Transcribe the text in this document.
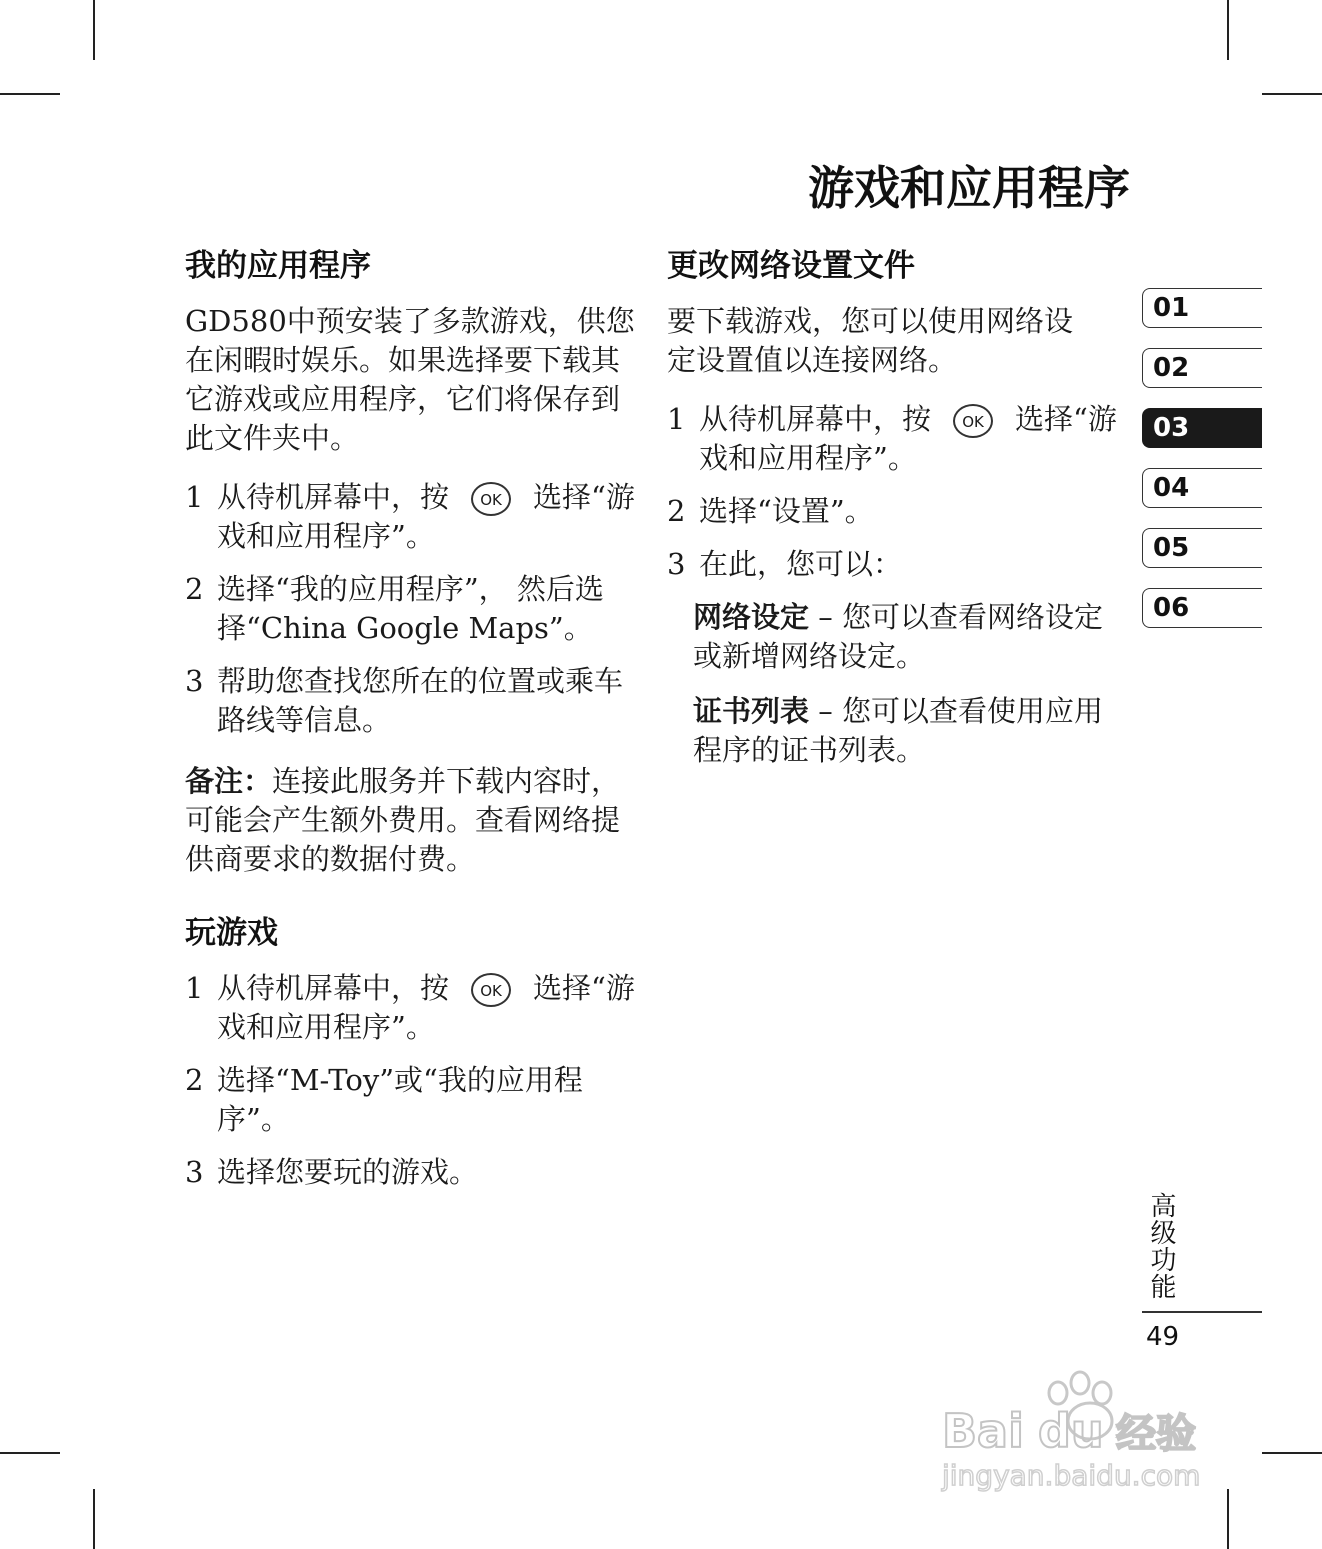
游戏和应用程序
我的应用程序

GD580中预安装了多款游戏，供您在闲暇时娱乐。如果选择要下载其它游戏或应用程序，它们将保存到此文件夹中。

1 从待机屏幕中，按 OK 选择“游戏和应用程序”。
2 选择“我的应用程序”， 然后选择“China Google Maps”。
3 帮助您查找您所在的位置或乘车路线等信息。

备注：连接此服务并下载内容时，可能会产生额外费用。查看网络提供商要求的数据付费。

玩游戏
1 从待机屏幕中，按 OK 选择“游戏和应用程序”。
2 选择“M-Toy”或“我的应用程序”。
3 选择您要玩的游戏。
更改网络设置文件

要下载游戏，您可以使用网络设定设置值以连接网络。

1 从待机屏幕中，按 OK 选择“游戏和应用程序”。
2 选择“设置”。
3 在此，您可以：
网络设定 – 您可以查看网络设定或新增网络设定。
证书列表 – 您可以查看使用应用程序的证书列表。
01
02
03
04
05
06
高级功能
49
Bai du 经验
jingyan.baidu.com
